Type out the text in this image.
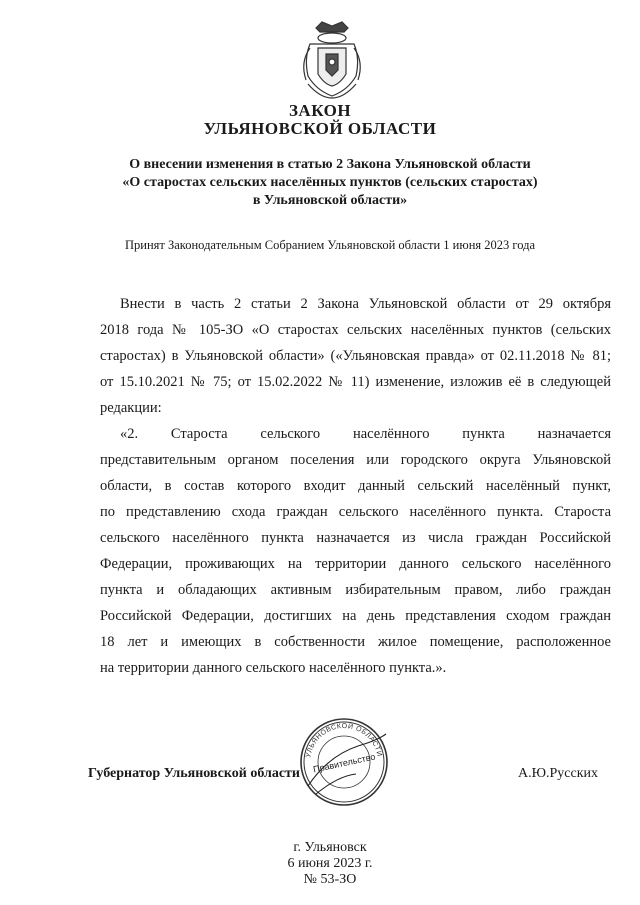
ЗАКОН
УЛЬЯНОВСКОЙ ОБЛАСТИ
О внесении изменения в статью 2 Закона Ульяновской области
«О старостах сельских населённых пунктов (сельских старостах)
в Ульяновской области»
Принят Законодательным Собранием Ульяновской области 1 июня 2023 года
Внести в часть 2 статьи 2 Закона Ульяновской области от 29 октября
2018 года № 105-ЗО «О старостах сельских населённых пунктов (сельских
старостах) в Ульяновской области» («Ульяновская правда» от 02.11.2018 № 81;
от 15.10.2021 № 75; от 15.02.2022 № 11) изменение, изложив её в следующей
редакции:
«2. Староста сельского населённого пункта назначается
представительным органом поселения или городского округа Ульяновской
области, в состав которого входит данный сельский населённый пункт,
по представлению схода граждан сельского населённого пункта. Староста
сельского населённого пункта назначается из числа граждан Российской
Федерации, проживающих на территории данного сельского населённого
пункта и обладающих активным избирательным правом, либо граждан
Российской Федерации, достигших на день представления сходом граждан
18 лет и имеющих в собственности жилое помещение, расположенное
на территории данного сельского населённого пункта.».
Губернатор Ульяновской области
УЛЬЯНОВСКОЙ ОБЛАСТИ
Правительство	А.Ю.Русских
г. Ульяновск
6 июня 2023 г.
№ 53-ЗО
